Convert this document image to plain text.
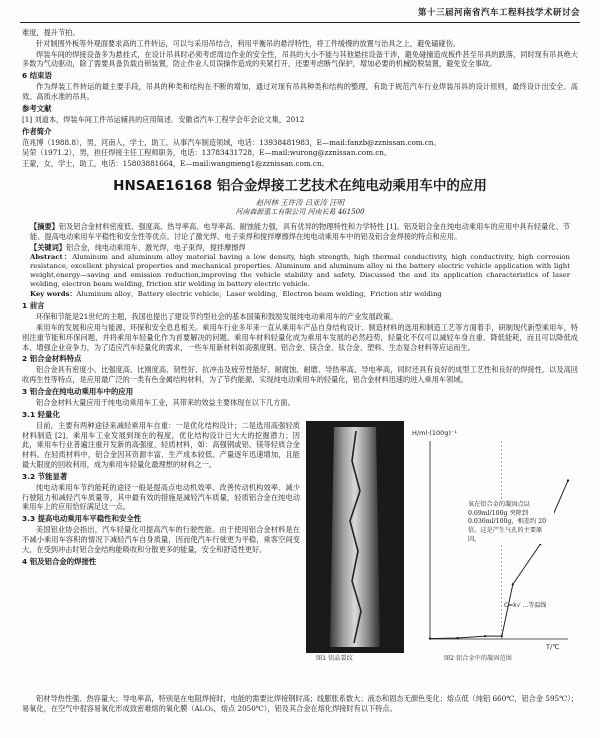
第十三届河南省汽车工程科技学术研讨会

难度，提升节拍。

针对制围外板等外观面要求高的工件转运，可以与采用吊结合，利用平衡吊的悬浮特性，将工件缓慢的放置与治具之上，避免磕碰伤。

焊装车间的焊接设备多为悬挂式，在设计吊具时必须考虑周边作业的安全性，吊具的大小不能与其他悬挂设备干涉，避免碰撞造成板件甚至吊具的跌落，同时现有吊具绝大多数为气动驱动，除了需要具备负载自锁装置，防止作业人员误操作造成的夹紧打开，还要考虑断气保护，增加必要的机械防脱装置，避免安全事故。

6 结束语

作为焊装工件转运的最主要手段，吊具的种类和结构在不断的增加，通过对现有吊具种类和结构的整理，有助于规范汽车行业焊装吊具的设计原则，最终设计出安全、高效、高质水准的吊具。

参考文献

[1] 刘道本，焊装车间工件吊运辅具的应用简述．安徽省汽车工程学会年会论文集，2012

作者简介

范兆博（1988.8），男，河南人，学士，助工，从事汽车制造领域，电话：13938481983，E—mail:fanzb@zznissan.com.cn。

吴荣（1971.2），男，担任焊接主任工程师职务，电话：13783431728，E—mail:wurong@zznissan.com.cn。

王蒙，女，学士，助工，电话：15803881664，E—mail:wangmeng1@zznissan.com.cn。

HNSAE16168 铝合金焊接工艺技术在纯电动乘用车中的应用
赵河林 王许涛 吕亚涛 汪明
河南森源重工有限公司 河南长葛 461500

【摘要】铝及铝合金材料密度低、强度高、热导率高、电导率高、耐蚀能力强，具有优异的物理特性和力学特性 [1]。铝及铝合金在纯电动乘用车的应用中具有轻量化、节能、提高电动乘用车平稳性和安全性等优点。讨论了激光焊、电子束焊和搅拌摩擦焊在纯电动乘用车中的铝及铝合金焊接的特点和应用。

【关键词】铝合金，纯电动乘用车，激光焊，电子束焊，搅拌摩擦焊

Abstract：Aluminum and aluminum alloy material having a low density, high strength, high thermal conductivity, high conductivity, high corrosion resistance, excellent physical properties and mechanical properties. Aluminum and aluminum alloy ni the battery electric vehicle application with light weight,energy—saving and emission reduction,improving the vehicle stability and safety. Discussed the and its application characteristics of laser welding, electron beam welding, friction stir welding in battery electric vehicle.

Key words：Aluminum alloy，Battery electric vehicle，Laser welding，Electron beam welding，Friction stir welding

1 前言

环保和节能是21世纪的主题，我国也提出了建设节约型社会的基本国策和鼓励发展纯电动乘用车的产业发展政策。

乘用车的发展和应用与能源、环保和安全息息相关。乘用车行业多年来一直从乘用车产品自身结构设计、制造材料的选用和制造工艺等方面着手，研制现代新型乘用车，特别注重节能和环保问题，并将乘用车轻量化作为首要解决的问题。乘用车材料轻量化成为乘用车发展的必然趋势，轻量化不仅可以减轻车身自重、降低能耗，而且可以降低成本、增强企业竞争力，为了适应汽车轻量化的需求，一些车用新材料如高强度钢、铝合金、镁合金、钛合金、塑料、生态复合材料等应运而生。

2 铝合金材料特点

铝合金具有密度小、比强度高、比刚度高、韧性好、抗冲击及疲劳性能好、耐腐蚀、耐磨、导热率高、导电率高，同时还具有良好的成型工艺性和良好的焊接性，以及高回收再生性等特点，是应用最广泛的一类有色金属结构材料，为了节约能源、实现纯电动乘用车的轻量化，铝合金材料迅速的进入乘用车领域。

3 铝合金在纯电动乘用车中的应用

铝合金材料大量应用于纯电动乘用车工业，其带来的效益主要体现在以下几方面。

3.1 轻量化

目前，主要有两种途径来减轻乘用车自重：一是优化结构设计；二是选用高强轻质材料制造 [2]。乘用车工业发展到现在的程度，优化结构设计已大大的挖掘潜力；因此，乘用车行业普遍注重开发新的高强度、轻质材料，如：高强钢或铝、镁等轻质合金材料。在轻质材料中，铝合金因其资源丰富、生产成本较低、产量逐年迅速增加，且能最大限度的回收利用，成为乘用车轻量化最理想的材料之一。

3.2 节能显著

纯电动乘用车节约能耗的途径一般是提高点电动机效率、改善传动机构效率、减少行驶阻力和减轻汽车质量等，其中最有效的措施是减轻汽车质量，轻质铝合金在纯电动乘用车上的应用恰好满足这一点。

3.3 提高电动乘用车平稳性和安全性

美国铝业协会指出，汽车轻量化可提高汽车的行驶性能。由于使用铝合金材料是在不减小乘用车容积的情况下减轻汽车自身质量，因而使汽车行驶更为平稳，乘客空间变大，在受到冲击时铝合金结构能吸收和分散更多的能量，安全和舒适性更好。

4 铝及铝合金的焊接性
H/ml·(100g)⁻¹
T/℃
C=k√ …等温线
氧在铝合金的凝固点以 0.69ml/100g 突降到 0.036ml/100g，相差约 20 倍，这是产生气孔的主要原因。
图1 铝晶裂纹	图2 铝合金中的凝固范围

铝材导热性强、热容量大；导电率高，特别是在电阻焊接时，电能的需要比焊接钢时高；线膨胀系数大；液态和固态无颜色变化；熔点低（纯铝 660℃，铝合金 595℃）；易氧化，在空气中很容易氧化形成致密难熔的氧化膜（Al₂O₃，熔点 2050℃），铝及其合金在熔化焊接时有以下特点。
